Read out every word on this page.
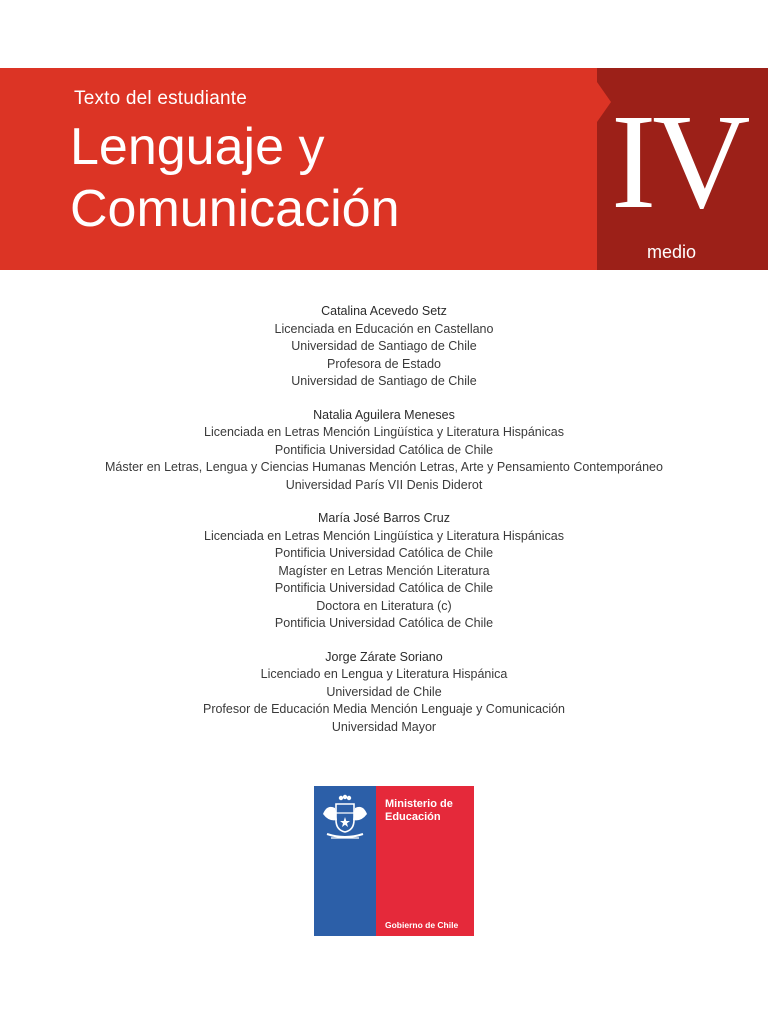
Texto del estudiante
Lenguaje y
Comunicación IV
medio
Catalina Acevedo Setz
Licenciada en Educación en Castellano
Universidad de Santiago de Chile
Profesora de Estado
Universidad de Santiago de Chile
Natalia Aguilera Meneses
Licenciada en Letras Mención Lingüística y Literatura Hispánicas
Pontificia Universidad Católica de Chile
Máster en Letras, Lengua y Ciencias Humanas Mención Letras, Arte y Pensamiento Contemporáneo
Universidad París VII Denis Diderot
María José Barros Cruz
Licenciada en Letras Mención Lingüística y Literatura Hispánicas
Pontificia Universidad Católica de Chile
Magíster en Letras Mención Literatura
Pontificia Universidad Católica de Chile
Doctora en Literatura (c)
Pontificia Universidad Católica de Chile
Jorge Zárate Soriano
Licenciado en Lengua y Literatura Hispánica
Universidad de Chile
Profesor de Educación Media Mención Lenguaje y Comunicación
Universidad Mayor
Ministerio de
Educación
Gobierno de Chile
